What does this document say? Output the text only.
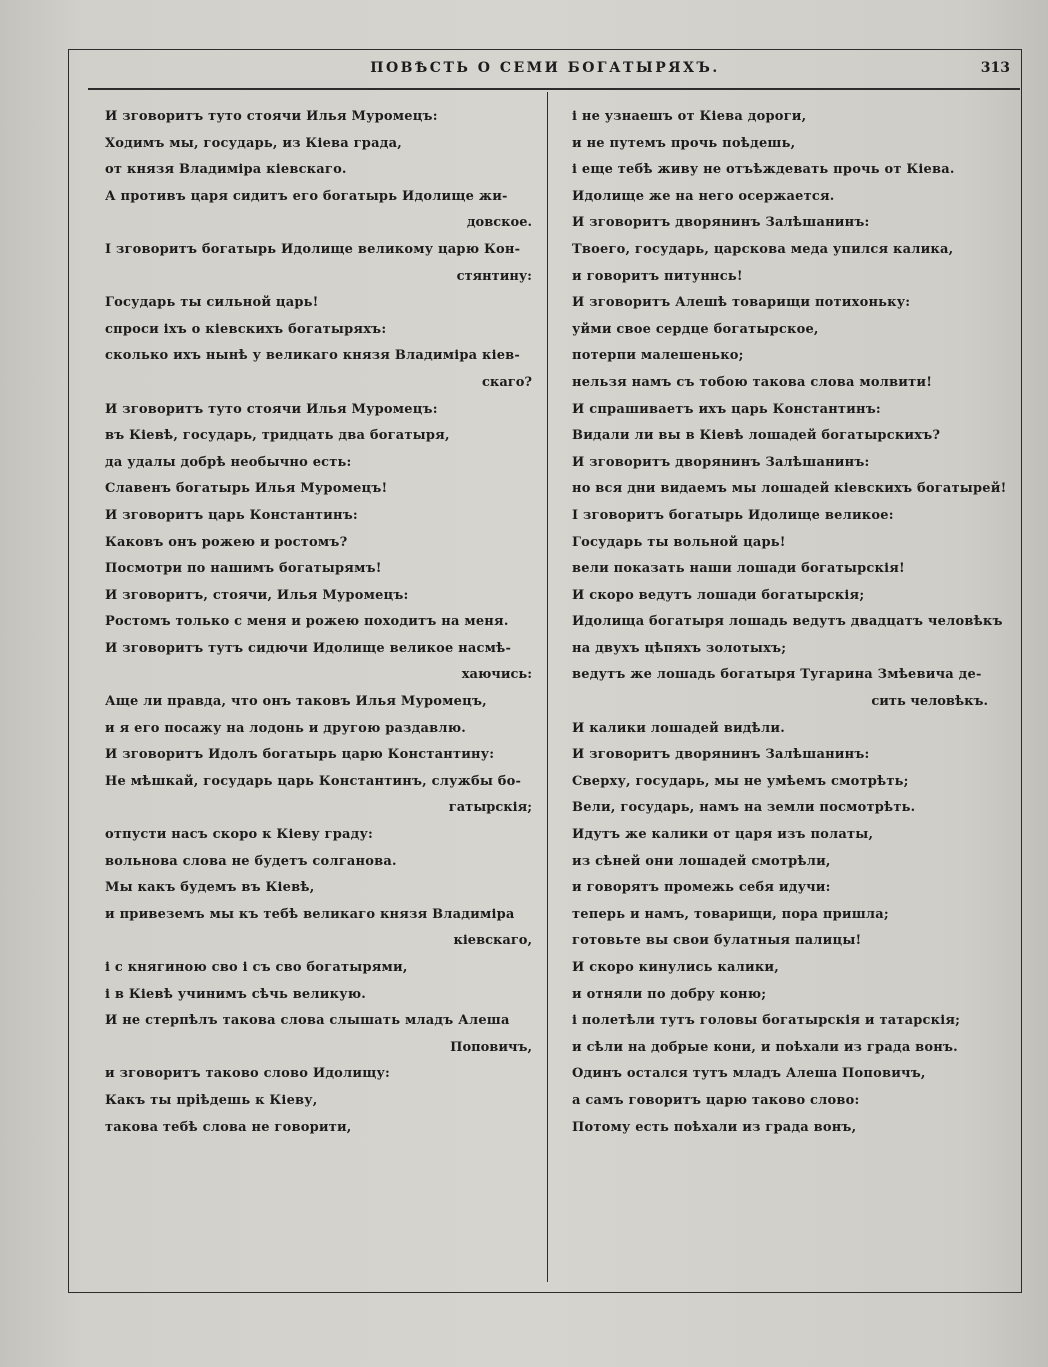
ПОВѢСТЬ О СЕМИ БОГАТЫРЯХЪ.	313
И зговоритъ туто стоячи Илья Муромецъ:
Ходимъ мы, государь, из Кіева града,
от князя Владиміра кіевскаго.
А противъ царя сидитъ его богатырь Идолище жи-
довское.
І зговоритъ богатырь Идолище великому царю Кон-
стянтину:
Государь ты сильной царь!
спроси іхъ о кіевскихъ богатыряхъ:
сколько ихъ нынѣ у великаго князя Владиміра кіев-
скаго?
И зговоритъ туто стоячи Илья Муромецъ:
въ Кіевѣ, государь, тридцать два богатыря,
да удалы добрѣ необычно есть:
Славенъ богатырь Илья Муромецъ!
И зговоритъ царь Константинъ:
Каковъ онъ рожею и ростомъ?
Посмотри по нашимъ богатырямъ!
И зговоритъ, стоячи, Илья Муромецъ:
Ростомъ только с меня и рожею походитъ на меня.
И зговоритъ тутъ сидючи Идолище великое насмѣ-
хаючись:
Аще ли правда, что онъ таковъ Илья Муромецъ,
и я его посажу на лодонь и другою раздавлю.
И зговоритъ Идолъ богатырь царю Константину:
Не мѣшкай, государь царь Константинъ, службы бо-
гатырскія;
отпусти насъ скоро к Кіеву граду:
вольнова слова не будетъ солганова.
Мы какъ будемъ въ Кіевѣ,
и привеземъ мы къ тебѣ великаго князя Владиміра
кіевскаго,
і с княгиною сво і съ сво богатырями,
і в Кіевѣ учинимъ сѣчь великую.
И не стерпѣлъ такова слова слышать младъ Алеша
Поповичъ,
и зговоритъ таково слово Идолищу:
Какъ ты прiѣдешь к Кіеву,
такова тебѣ слова не говорити,
і не узнаешъ от Кіева дороги,
и не путемъ прочь поѣдешь,
і еще тебѣ живу не отъѣждевать прочь от Кіева.
Идолище же на него осержается.
И зговоритъ дворянинъ Залѣшанинъ:
Твоего, государь, царскова меда упился калика,
и говоритъ питуннсь!
И зговоритъ Алешѣ товарищи потихоньку:
уйми свое сердце богатырское,
потерпи малешенько;
нельзя намъ съ тобою такова слова молвити!
И спрашиваетъ ихъ царь Константинъ:
Видали ли вы в Кіевѣ лошадей богатырскихъ?
И зговоритъ дворянинъ Залѣшанинъ:
но вся дни видаемъ мы лошадей кіевскихъ богатырей!
І зговоритъ богатырь Идолище великое:
Государь ты вольной царь!
вели показать наши лошади богатырскія!
И скоро ведутъ лошади богатырскія;
Идолища богатыря лошадь ведутъ двадцатъ человѣкъ
на двухъ цѣпяхъ золотыхъ;
ведутъ же лошадь богатыря Тугарина Змѣевича де-
сить человѣкъ.
И калики лошадей видѣли.
И зговоритъ дворянинъ Залѣшанинъ:
Сверху, государь, мы не умѣемъ смотрѣть;
Вели, государь, намъ на земли посмотрѣть.
Идутъ же калики от царя изъ полаты,
из сѣней они лошадей смотрѣли,
и говорятъ промежь себя идучи:
теперь и намъ, товарищи, пора пришла;
готовьте вы свои булатныя палицы!
И скоро кинулись калики,
и отняли по добру коню;
і полетѣли тутъ головы богатырскія и татарскія;
и сѣли на добрые кони, и поѣхали из града вонъ.
Одинъ остался тутъ младъ Алеша Поповичъ,
а самъ говоритъ царю таково слово:
Потому есть поѣхали из града вонъ,
